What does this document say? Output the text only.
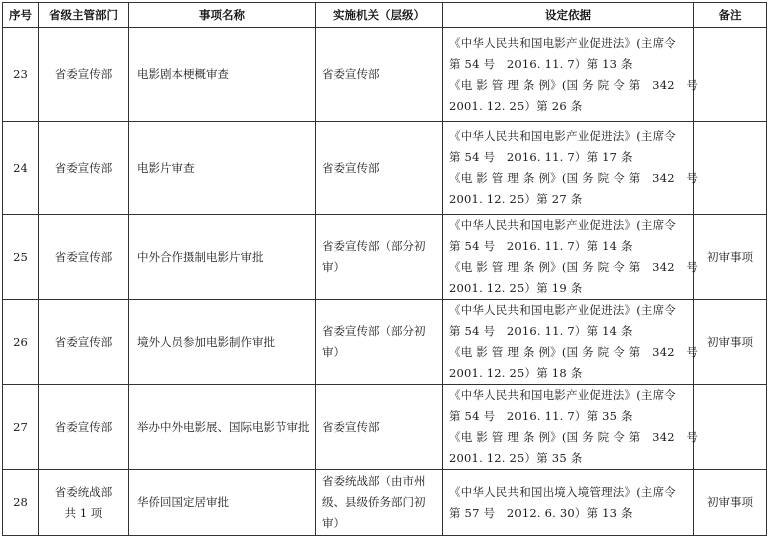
序号	省级主管部门	事项名称	实施机关（层级）	设定依据	备注
23	省委宣传部	电影剧本梗概审查	省委宣传部	《中华人民共和国电影产业促进法》(主席令
第 54 号　2016. 11. 7）第 13 条
《电 影 管 理 条 例》(国 务 院 令 第　342　号
2001. 12. 25）第 26 条	

24	省委宣传部	电影片审查	省委宣传部	《中华人民共和国电影产业促进法》(主席令
第 54 号　2016. 11. 7）第 17 条
《电 影 管 理 条 例》(国 务 院 令 第　342　号
2001. 12. 25）第 27 条	

25	省委宣传部	中外合作摄制电影片审批	省委宣传部（部分初审）	《中华人民共和国电影产业促进法》(主席令
第 54 号　2016. 11. 7）第 14 条
《电 影 管 理 条 例》(国 务 院 令 第　342　号
2001. 12. 25）第 19 条	初审事项
26	省委宣传部	境外人员参加电影制作审批	省委宣传部（部分初审）	《中华人民共和国电影产业促进法》(主席令
第 54 号　2016. 11. 7）第 14 条
《电 影 管 理 条 例》(国 务 院 令 第　342　号
2001. 12. 25）第 18 条	初审事项
27	省委宣传部	举办中外电影展、国际电影节审批	省委宣传部	《中华人民共和国电影产业促进法》(主席令
第 54 号　2016. 11. 7）第 35 条
《电 影 管 理 条 例》(国 务 院 令 第　342　号
2001. 12. 25）第 35 条	

28	省委统战部
共 1 项	华侨回国定居审批	省委统战部（由市州级、县级侨务部门初审）	《中华人民共和国出境入境管理法》(主席令
第 57 号　2012. 6. 30）第 13 条	初审事项
